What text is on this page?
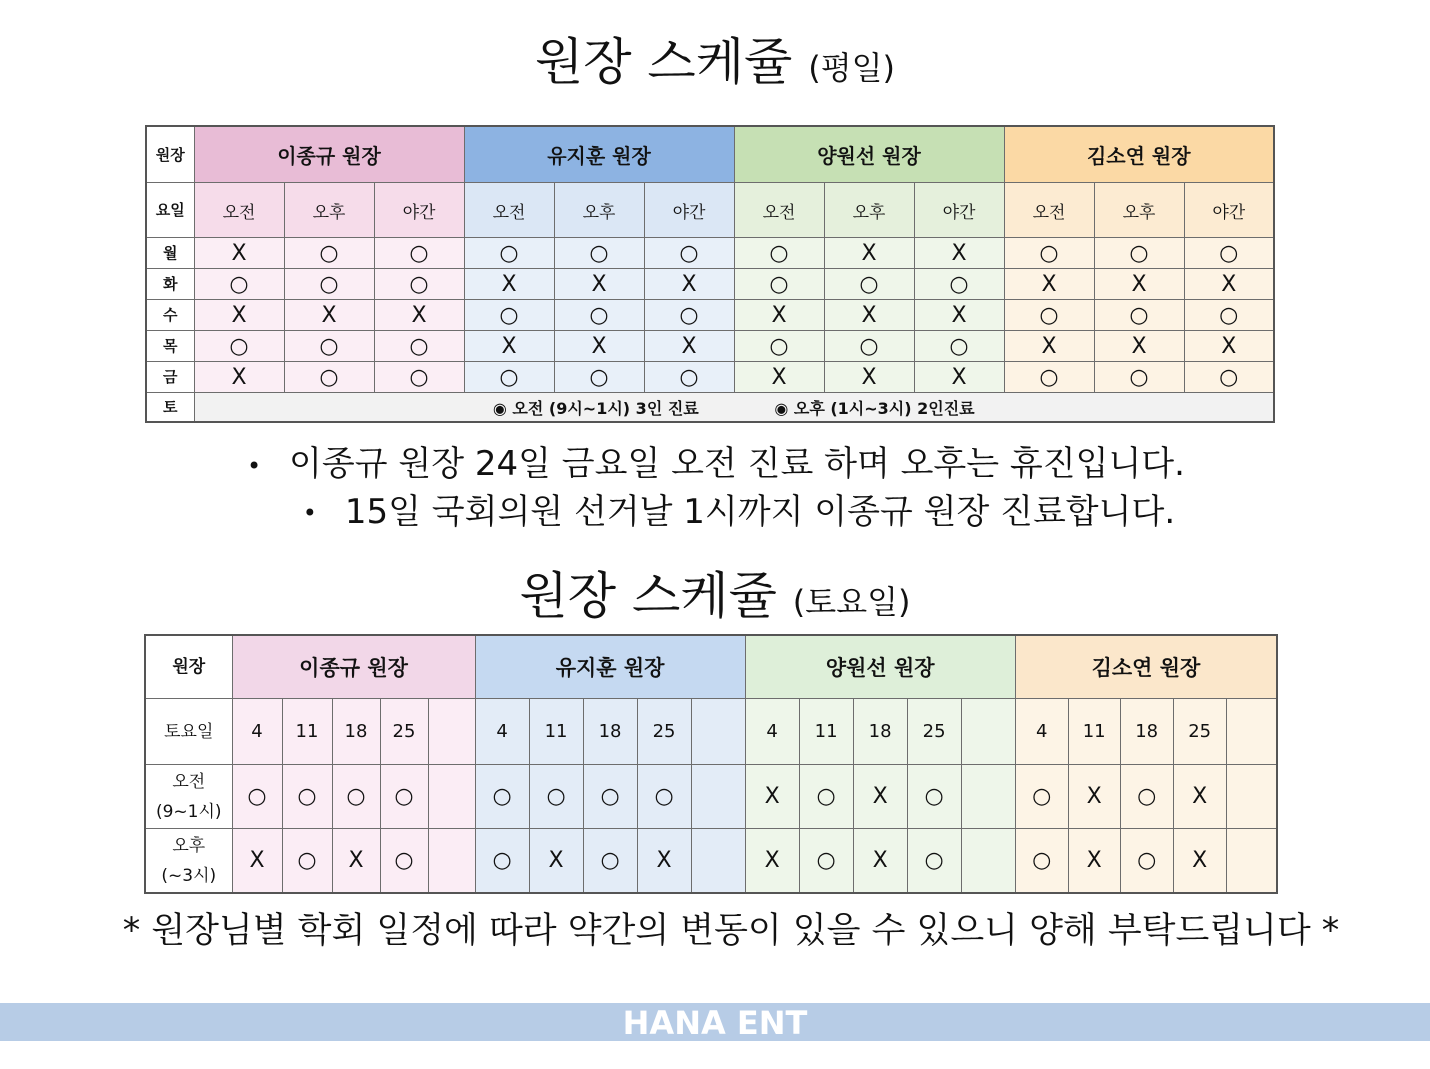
원장 스케쥴 (평일)
원장	이종규 원장			유지훈 원장			양원선 원장			김소연 원장		
요일	오전	오후	야간	오전	오후	야간	오전	오후	야간	오전	오후	야간
월	X	○	○	○	○	○	○	X	X	○	○	○
화	○	○	○	X	X	X	○	○	○	X	X	X
수	X	X	X	○	○	○	X	X	X	○	○	○
목	○	○	○	X	X	X	○	○	○	X	X	X
금	X	○	○	○	○	○	X	X	X	○	○	○
토	◉ 오전 (9시~1시) 3인 진료 ◉ 오후 (1시~3시) 2인진료											
• 이종규 원장 24일 금요일 오전 진료 하며 오후는 휴진입니다.
• 15일 국회의원 선거날 1시까지 이종규 원장 진료합니다.
원장 스케쥴 (토요일)
원장	이종규 원장					유지훈 원장					양원선 원장					김소연 원장				
토요일	4	11	18	25		4	11	18	25		4	11	18	25		4	11	18	25	
오전
(9~1시)	○	○	○	○		○	○	○	○		X	○	X	○		○	X	○	X	
오후
(~3시)	X	○	X	○		○	X	○	X		X	○	X	○		○	X	○	X	
* 원장님별 학회 일정에 따라 약간의 변동이 있을 수 있으니 양해 부탁드립니다 *
HANA ENT
